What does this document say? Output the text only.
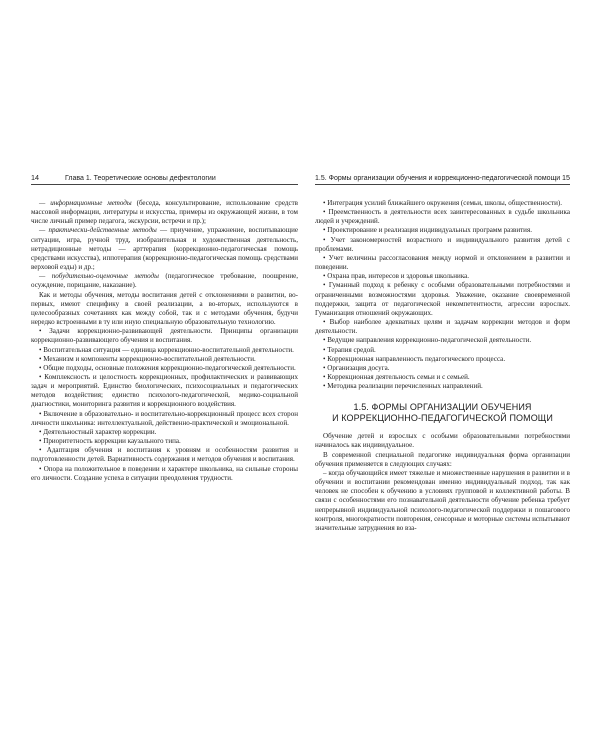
14	Глава 1. Теоретические основы дефектологии

— информационные методы (беседа, консультирование, использование средств массовой информации, литературы и искусства, примеры из окружающей жизни, в том числе личный пример педагога, экскурсии, встречи и пр.);

— практически-действенные методы — приучение, упражнение, воспитывающие ситуации, игра, ручной труд, изобразительная и художественная деятельность, нетрадиционные методы — арттерапия (коррекционно-педагогическая помощь средствами искусства), иппотерапия (коррекционно-педагогическая помощь средствами верховой езды) и др.;

— побудительно-оценочные методы (педагогическое требование, поощрение, осуждение, порицание, наказание).

Как и методы обучения, методы воспитания детей с отклонениями в развитии, во-первых, имеют специфику в своей реализации, а во-вторых, используются в целесообразных сочетаниях как между собой, так и с методами обучения, будучи нередко встроенными в ту или иную специальную образовательную технологию.

• Задачи коррекционно-развивающей деятельности. Принципы организации коррекционно-развивающего обучения и воспитания.

• Воспитательная ситуация — единица коррекционно-воспитательной деятельности.

• Механизм и компоненты коррекционно-воспитательной деятельности.

• Общие подходы, основные положения коррекционно-педагогической деятельности.

• Комплексность и целостность коррекционных, профилактических и развивающих задач и мероприятий. Единство биологических, психосоциальных и педагогических методов воздействия; единство психолого-педагогической, медико-социальной диагностики, мониторинга развития и коррекционного воздействия.

• Включение в образовательно- и воспитательно-коррекционный процесс всех сторон личности школьника: интеллектуальной, действенно-практической и эмоциональной.

• Деятельностный характер коррекции.

• Приоритетность коррекции каузального типа.

• Адаптация обучения и воспитания к уровням и особенностям развития и подготовленности детей. Вариативность содержания и методов обучения и воспитания.

• Опора на положительное в поведении и характере школьника, на сильные стороны его личности. Создание успеха в ситуации преодоления трудности.

1.5. Формы организации обучения и коррекционно-педагогической помощи 15

• Интеграция усилий ближайшего окружения (семьи, школы, общественности).

• Преемственность в деятельности всех заинтересованных в судьбе школьника людей и учреждений.

• Проектирование и реализация индивидуальных программ развития.

• Учет закономерностей возрастного и индивидуального развития детей с проблемами.

• Учет величины рассогласования между нормой и отклонением в развитии и поведении.

• Охрана прав, интересов и здоровья школьника.

• Гуманный подход к ребенку с особыми образовательными потребностями и ограниченными возможностями здоровья. Уважение, оказание своевременной поддержки, защита от педагогической некомпетентности, агрессии взрослых. Гуманизация отношений окружающих.

• Выбор наиболее адекватных целям и задачам коррекции методов и форм деятельности.

• Ведущие направления коррекционно-педагогической деятельности.

• Терапия средой.

• Коррекционная направленность педагогического процесса.

• Организация досуга.

• Коррекционная деятельность семьи и с семьей.

• Методика реализации перечисленных направлений.

1.5. ФОРМЫ ОРГАНИЗАЦИИ ОБУЧЕНИЯ
И КОРРЕКЦИОННО-ПЕДАГОГИЧЕСКОЙ ПОМОЩИ

Обучение детей и взрослых с особыми образовательными потребностями начиналось как индивидуальное.

В современной специальной педагогике индивидуальная форма организации обучения применяется в следующих случаях:

– когда обучающийся имеет тяжелые и множественные нарушения в развитии и в обучении и воспитании рекомендован именно индивидуальный подход, так как человек не способен к обучению в условиях групповой и коллективной работы. В связи с особенностями его познавательной деятельности обучение ребенка требует непрерывной индивидуальной психолого-педагогической поддержки и пошагового контроля, многократности повторения, сенсорные и моторные системы испытывают значительные затруднения во вза-
